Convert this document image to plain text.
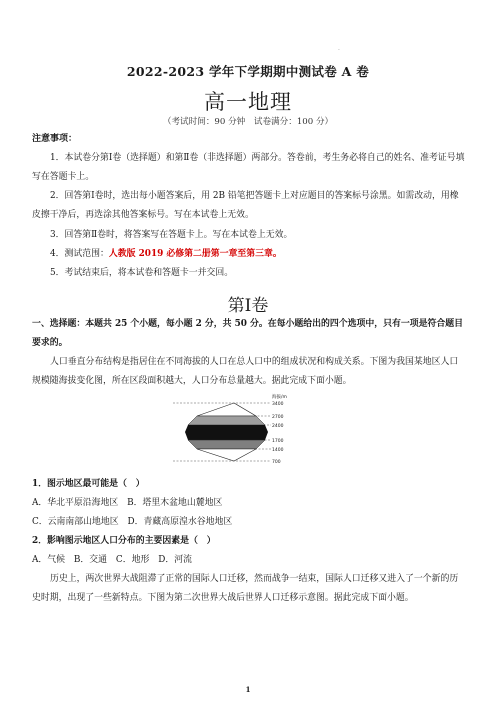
·
2022-2023 学年下学期期中测试卷 A 卷
高一地理
（考试时间：90 分钟　试卷满分：100 分）
注意事项：
1．本试卷分第Ⅰ卷（选择题）和第Ⅱ卷（非选择题）两部分。答卷前，考生务必将自己的姓名、准考证号填写在答题卡上。
2．回答第Ⅰ卷时，选出每小题答案后，用 2B 铅笔把答题卡上对应题目的答案标号涂黑。如需改动，用橡皮擦干净后，再选涂其他答案标号。写在本试卷上无效。
3．回答第Ⅱ卷时，将答案写在答题卡上。写在本试卷上无效。
4．测试范围：人教版 2019 必修第二册第一章至第三章。
5．考试结束后，将本试卷和答题卡一并交回。
第Ⅰ卷
一、选择题：本题共 25 个小题，每小题 2 分，共 50 分。在每小题给出的四个选项中，只有一项是符合题目要求的。
人口垂直分布结构是指居住在不同海拔的人口在总人口中的组成状况和构成关系。下图为我国某地区人口规模随海拔变化图，所在区段面积越大，人口分布总量越大。据此完成下面小题。
海拔/m
3400
2700
2400
1700
1400
700
1．图示地区最可能是（　）
A．华北平原沿海地区　B．塔里木盆地山麓地区
C．云南南部山地地区　D．青藏高原湟水谷地地区
2．影响图示地区人口分布的主要因素是（　）
A．气候　B．交通　C．地形　D．河流
历史上，两次世界大战阻滞了正常的国际人口迁移，然而战争一结束，国际人口迁移又进入了一个新的历史时期，出现了一些新特点。下图为第二次世界大战后世界人口迁移示意图。据此完成下面小题。
1
